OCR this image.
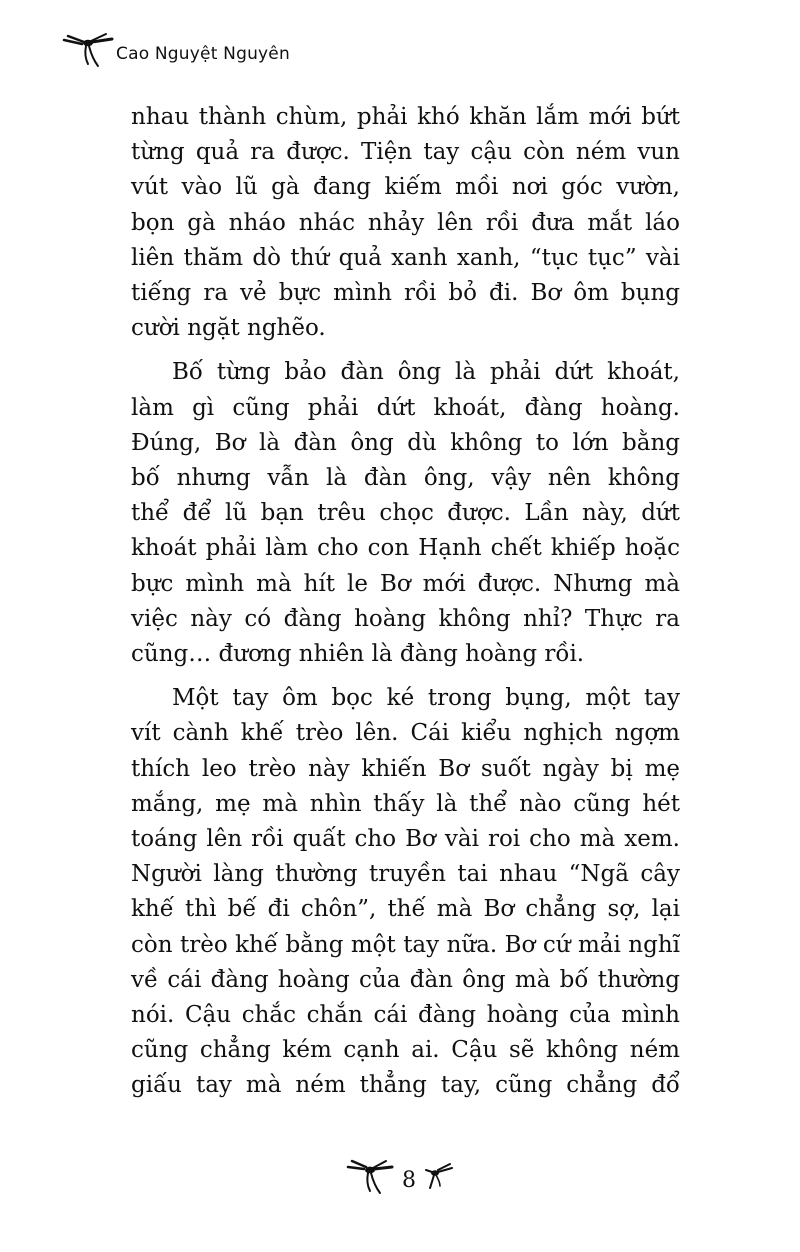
Cao Nguyệt Nguyên
nhau thành chùm, phải khó khăn lắm mới bứt
từng quả ra được. Tiện tay cậu còn ném vun
vút vào lũ gà đang kiếm mồi nơi góc vườn,
bọn gà nháo nhác nhảy lên rồi đưa mắt láo
liên thăm dò thứ quả xanh xanh, “tục tục” vài
tiếng ra vẻ bực mình rồi bỏ đi. Bơ ôm bụng
cười ngặt nghẽo.
Bố từng bảo đàn ông là phải dứt khoát,
làm gì cũng phải dứt khoát, đàng hoàng.
Đúng, Bơ là đàn ông dù không to lớn bằng
bố nhưng vẫn là đàn ông, vậy nên không
thể để lũ bạn trêu chọc được. Lần này, dứt
khoát phải làm cho con Hạnh chết khiếp hoặc
bực mình mà hít le Bơ mới được. Nhưng mà
việc này có đàng hoàng không nhỉ? Thực ra
cũng… đương nhiên là đàng hoàng rồi.
Một tay ôm bọc ké trong bụng, một tay
vít cành khế trèo lên. Cái kiểu nghịch ngợm
thích leo trèo này khiến Bơ suốt ngày bị mẹ
mắng, mẹ mà nhìn thấy là thể nào cũng hét
toáng lên rồi quất cho Bơ vài roi cho mà xem.
Người làng thường truyền tai nhau “Ngã cây
khế thì bế đi chôn”, thế mà Bơ chẳng sợ, lại
còn trèo khế bằng một tay nữa. Bơ cứ mải nghĩ
về cái đàng hoàng của đàn ông mà bố thường
nói. Cậu chắc chắn cái đàng hoàng của mình
cũng chẳng kém cạnh ai. Cậu sẽ không ném
giấu tay mà ném thẳng tay, cũng chẳng đổ
8
